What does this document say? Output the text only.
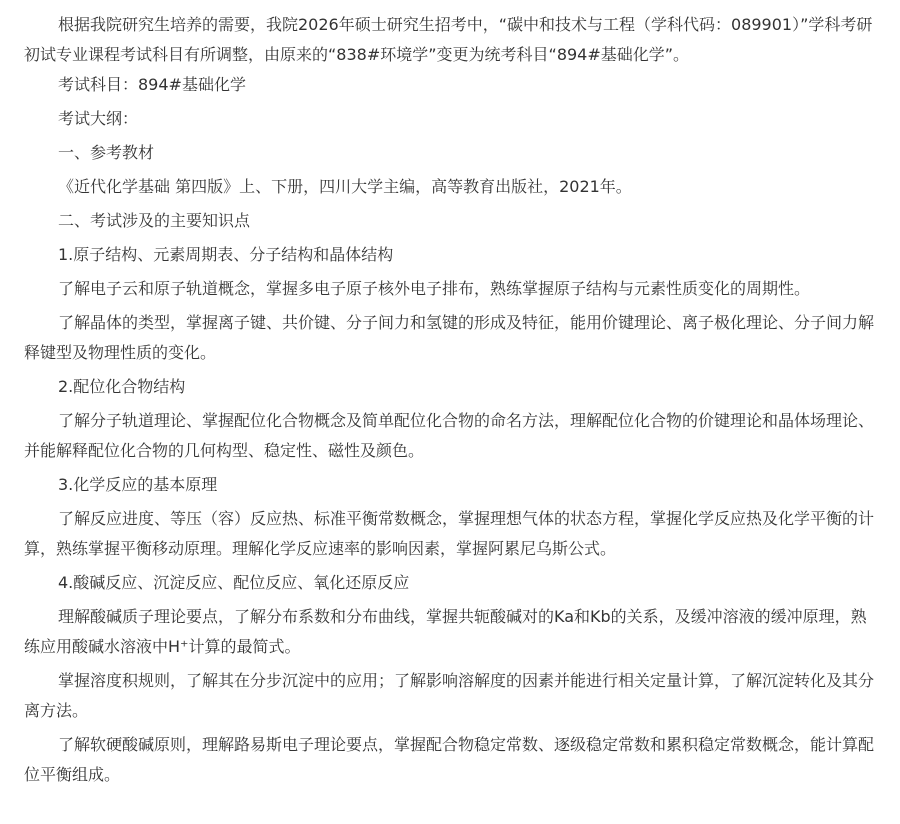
根据我院研究生培养的需要，我院2026年硕士研究生招考中，“碳中和技术与工程（学科代码：089901）”学科考研初试专业课程考试科目有所调整，由原来的“838#环境学”变更为统考科目“894#基础化学”。

考试科目：894#基础化学

考试大纲：

一、参考教材

《近代化学基础 第四版》上、下册，四川大学主编，高等教育出版社，2021年。

二、考试涉及的主要知识点

1.原子结构、元素周期表、分子结构和晶体结构

了解电子云和原子轨道概念，掌握多电子原子核外电子排布，熟练掌握原子结构与元素性质变化的周期性。

了解晶体的类型，掌握离子键、共价键、分子间力和氢键的形成及特征，能用价键理论、离子极化理论、分子间力解释键型及物理性质的变化。

2.配位化合物结构

了解分子轨道理论、掌握配位化合物概念及简单配位化合物的命名方法，理解配位化合物的价键理论和晶体场理论、并能解释配位化合物的几何构型、稳定性、磁性及颜色。

3.化学反应的基本原理

了解反应进度、等压（容）反应热、标准平衡常数概念，掌握理想气体的状态方程，掌握化学反应热及化学平衡的计算，熟练掌握平衡移动原理。理解化学反应速率的影响因素，掌握阿累尼乌斯公式。

4.酸碱反应、沉淀反应、配位反应、氧化还原反应

理解酸碱质子理论要点，了解分布系数和分布曲线，掌握共轭酸碱对的Ka和Kb的关系，及缓冲溶液的缓冲原理，熟练应用酸碱水溶液中H⁺计算的最简式。

掌握溶度积规则，了解其在分步沉淀中的应用；了解影响溶解度的因素并能进行相关定量计算，了解沉淀转化及其分离方法。

了解软硬酸碱原则，理解路易斯电子理论要点，掌握配合物稳定常数、逐级稳定常数和累积稳定常数概念，能计算配位平衡组成。
